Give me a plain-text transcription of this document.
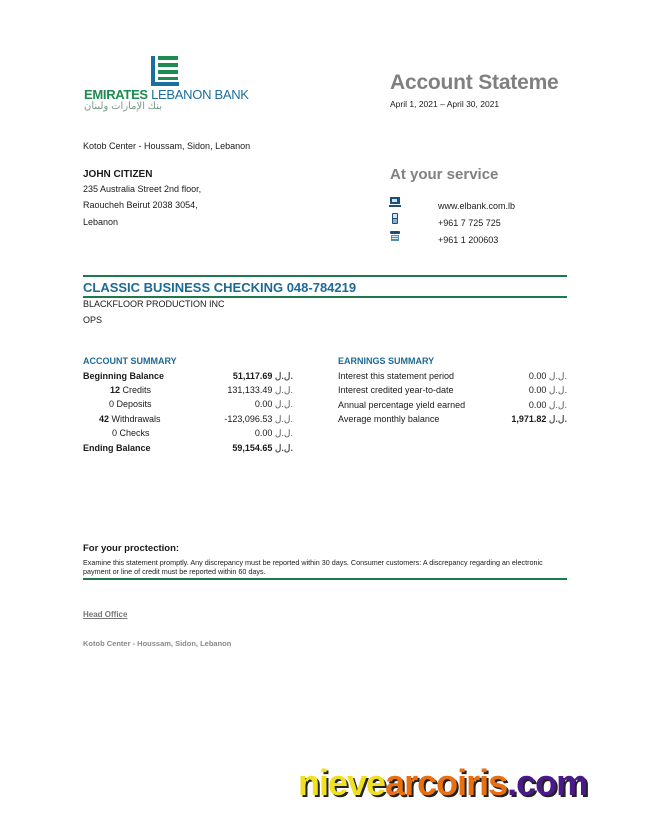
EMIRATES LEBANON BANK
بنك الإمارات ولبنان
Account Stateme
April 1, 2021 – April 30, 2021
Kotob Center - Houssam, Sidon, Lebanon
JOHN CITIZEN
235 Australia Street 2nd floor,
Raoucheh Beirut 2038 3054,
Lebanon
At your service
www.elbank.com.lb
+961 7 725 725
+961 1 200603
CLASSIC BUSINESS CHECKING 048-784219
BLACKFLOOR PRODUCTION INC
OPS
ACCOUNT SUMMARY
Beginning Balance	51,117.69 ل.ل.
12 Credits	131,133.49 ل.ل.
0 Deposits	0.00 ل.ل.
42 Withdrawals	-123,096.53 ل.ل.
0 Checks	0.00 ل.ل.
Ending Balance	59,154.65 ل.ل.
EARNINGS SUMMARY
Interest this statement period	0.00 ل.ل.
Interest credited year-to-date	0.00 ل.ل.
Annual percentage yield earned	0.00 ل.ل.
Average monthly balance	1,971.82 ل.ل.
For your proctection:
Examine this statement promptly. Any discrepancy must be reported within 30 days. Consumer customers: A discrepancy regarding an electronic payment or line of credit must be reported within 60 days.
Head Office
Kotob Center - Houssam, Sidon, Lebanon
nievearcoiris.com
